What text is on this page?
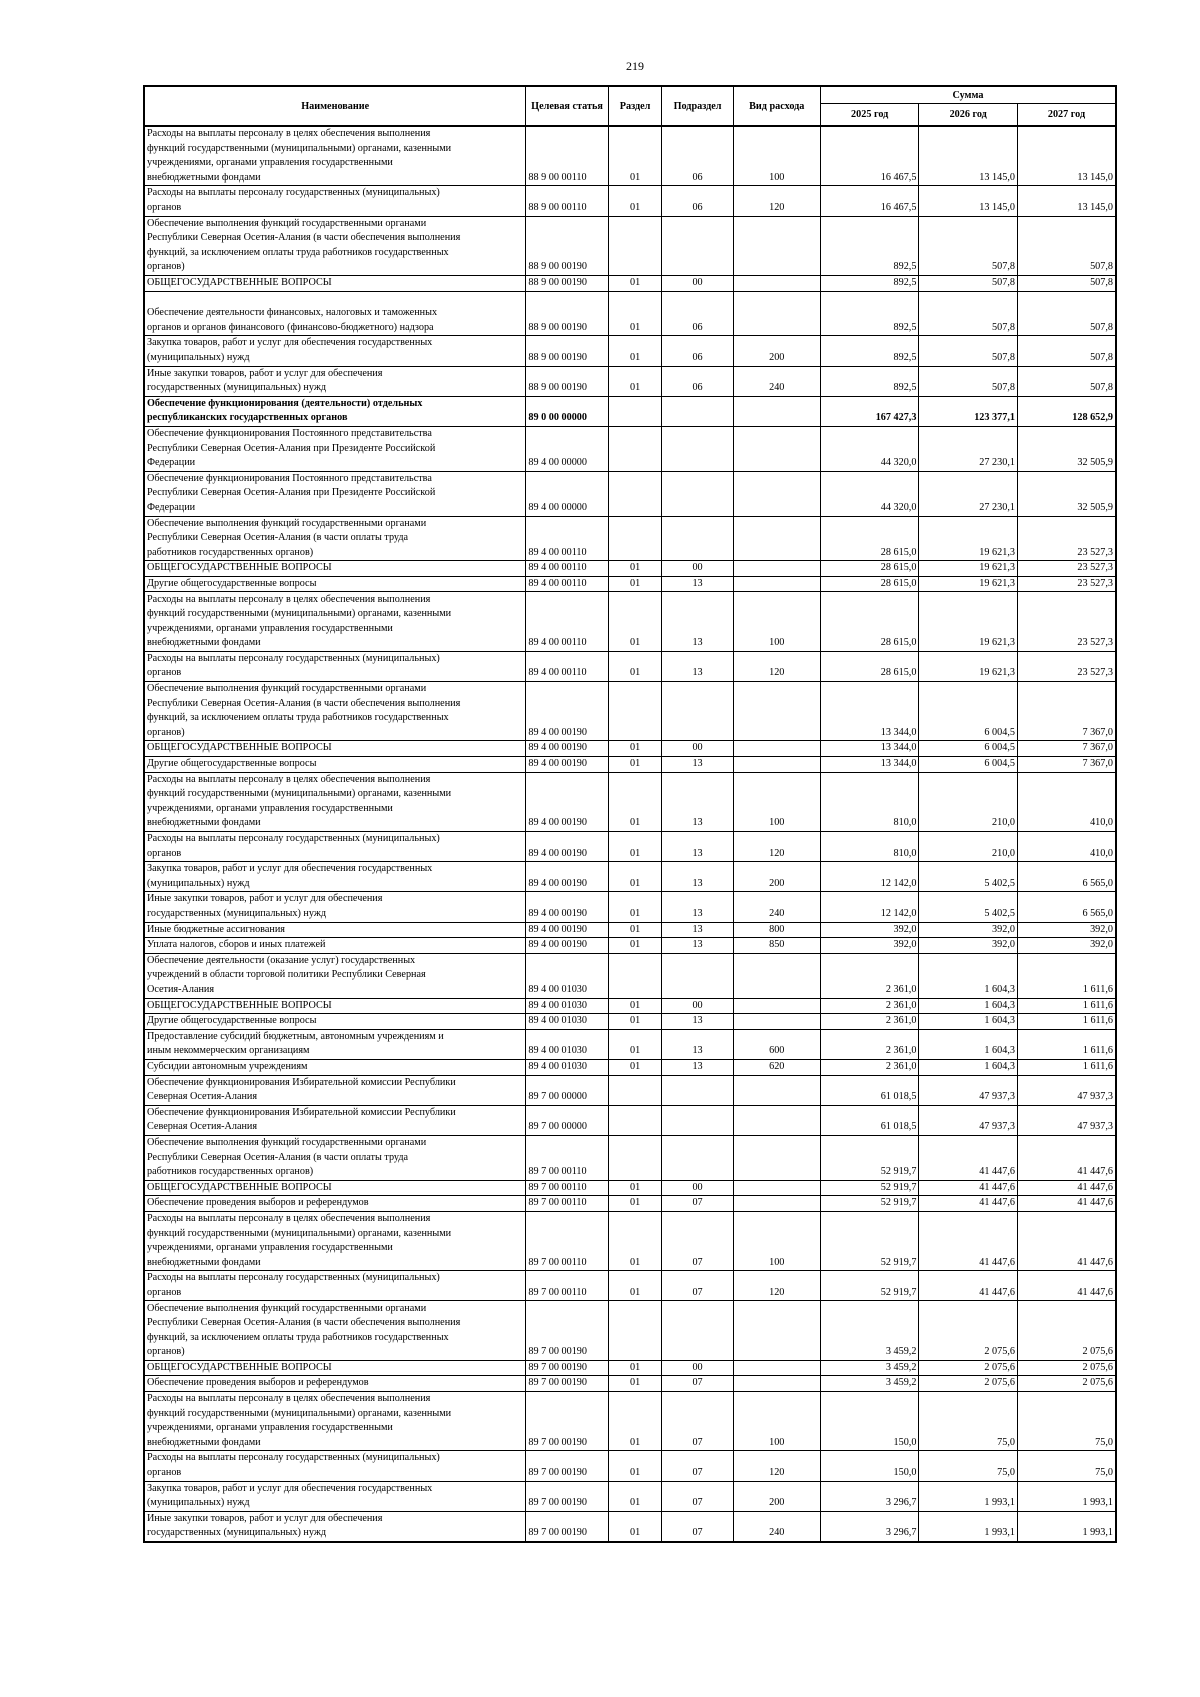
219
Наименование	Целевая статья	Раздел	Подраздел	Вид расхода	Сумма		
					2025 год	2026 год	2027 год
Расходы на выплаты персоналу в целях обеспечения выполнения
функций государственными (муниципальными) органами, казенными
учреждениями, органами управления государственными
внебюджетными фондами	88 9 00 00110	01	06	100	16 467,5	13 145,0	13 145,0
Расходы на выплаты персоналу государственных (муниципальных)
органов	88 9 00 00110	01	06	120	16 467,5	13 145,0	13 145,0
Обеспечение выполнения функций государственными органами
Республики Северная Осетия-Алания (в части обеспечения выполнения
функций, за исключением оплаты труда работников государственных
органов)	88 9 00 00190				892,5	507,8	507,8
ОБЩЕГОСУДАРСТВЕННЫЕ ВОПРОСЫ	88 9 00 00190	01	00		892,5	507,8	507,8

Обеспечение деятельности финансовых, налоговых и таможенных
органов и органов финансового (финансово-бюджетного) надзора	88 9 00 00190	01	06		892,5	507,8	507,8
Закупка товаров, работ и услуг для обеспечения государственных
(муниципальных) нужд	88 9 00 00190	01	06	200	892,5	507,8	507,8
Иные закупки товаров, работ и услуг для обеспечения
государственных (муниципальных) нужд	88 9 00 00190	01	06	240	892,5	507,8	507,8
Обеспечение функционирования (деятельности) отдельных
республиканских государственных органов	89 0 00 00000				167 427,3	123 377,1	128 652,9
Обеспечение функционирования Постоянного представительства
Республики Северная Осетия-Алания при Президенте Российской
Федерации	89 4 00 00000				44 320,0	27 230,1	32 505,9
Обеспечение функционирования Постоянного представительства
Республики Северная Осетия-Алания при Президенте Российской
Федерации	89 4 00 00000				44 320,0	27 230,1	32 505,9
Обеспечение выполнения функций государственными органами
Республики Северная Осетия-Алания (в части оплаты труда
работников государственных органов)	89 4 00 00110				28 615,0	19 621,3	23 527,3
ОБЩЕГОСУДАРСТВЕННЫЕ ВОПРОСЫ	89 4 00 00110	01	00		28 615,0	19 621,3	23 527,3
Другие общегосударственные вопросы	89 4 00 00110	01	13		28 615,0	19 621,3	23 527,3
Расходы на выплаты персоналу в целях обеспечения выполнения
функций государственными (муниципальными) органами, казенными
учреждениями, органами управления государственными
внебюджетными фондами	89 4 00 00110	01	13	100	28 615,0	19 621,3	23 527,3
Расходы на выплаты персоналу государственных (муниципальных)
органов	89 4 00 00110	01	13	120	28 615,0	19 621,3	23 527,3
Обеспечение выполнения функций государственными органами
Республики Северная Осетия-Алания (в части обеспечения выполнения
функций, за исключением оплаты труда работников государственных
органов)	89 4 00 00190				13 344,0	6 004,5	7 367,0
ОБЩЕГОСУДАРСТВЕННЫЕ ВОПРОСЫ	89 4 00 00190	01	00		13 344,0	6 004,5	7 367,0
Другие общегосударственные вопросы	89 4 00 00190	01	13		13 344,0	6 004,5	7 367,0
Расходы на выплаты персоналу в целях обеспечения выполнения
функций государственными (муниципальными) органами, казенными
учреждениями, органами управления государственными
внебюджетными фондами	89 4 00 00190	01	13	100	810,0	210,0	410,0
Расходы на выплаты персоналу государственных (муниципальных)
органов	89 4 00 00190	01	13	120	810,0	210,0	410,0
Закупка товаров, работ и услуг для обеспечения государственных
(муниципальных) нужд	89 4 00 00190	01	13	200	12 142,0	5 402,5	6 565,0
Иные закупки товаров, работ и услуг для обеспечения
государственных (муниципальных) нужд	89 4 00 00190	01	13	240	12 142,0	5 402,5	6 565,0
Иные бюджетные ассигнования	89 4 00 00190	01	13	800	392,0	392,0	392,0
Уплата налогов, сборов и иных платежей	89 4 00 00190	01	13	850	392,0	392,0	392,0
Обеспечение деятельности (оказание услуг) государственных
учреждений в области торговой политики Республики Северная
Осетия-Алания	89 4 00 01030				2 361,0	1 604,3	1 611,6
ОБЩЕГОСУДАРСТВЕННЫЕ ВОПРОСЫ	89 4 00 01030	01	00		2 361,0	1 604,3	1 611,6
Другие общегосударственные вопросы	89 4 00 01030	01	13		2 361,0	1 604,3	1 611,6
Предоставление субсидий бюджетным, автономным учреждениям и
иным некоммерческим организациям	89 4 00 01030	01	13	600	2 361,0	1 604,3	1 611,6
Субсидии автономным учреждениям	89 4 00 01030	01	13	620	2 361,0	1 604,3	1 611,6
Обеспечение функционирования Избирательной комиссии Республики
Северная Осетия-Алания	89 7 00 00000				61 018,5	47 937,3	47 937,3
Обеспечение функционирования Избирательной комиссии Республики
Северная Осетия-Алания	89 7 00 00000				61 018,5	47 937,3	47 937,3
Обеспечение выполнения функций государственными органами
Республики Северная Осетия-Алания (в части оплаты труда
работников государственных органов)	89 7 00 00110				52 919,7	41 447,6	41 447,6
ОБЩЕГОСУДАРСТВЕННЫЕ ВОПРОСЫ	89 7 00 00110	01	00		52 919,7	41 447,6	41 447,6
Обеспечение проведения выборов и референдумов	89 7 00 00110	01	07		52 919,7	41 447,6	41 447,6
Расходы на выплаты персоналу в целях обеспечения выполнения
функций государственными (муниципальными) органами, казенными
учреждениями, органами управления государственными
внебюджетными фондами	89 7 00 00110	01	07	100	52 919,7	41 447,6	41 447,6
Расходы на выплаты персоналу государственных (муниципальных)
органов	89 7 00 00110	01	07	120	52 919,7	41 447,6	41 447,6
Обеспечение выполнения функций государственными органами
Республики Северная Осетия-Алания (в части обеспечения выполнения
функций, за исключением оплаты труда работников государственных
органов)	89 7 00 00190				3 459,2	2 075,6	2 075,6
ОБЩЕГОСУДАРСТВЕННЫЕ ВОПРОСЫ	89 7 00 00190	01	00		3 459,2	2 075,6	2 075,6
Обеспечение проведения выборов и референдумов	89 7 00 00190	01	07		3 459,2	2 075,6	2 075,6
Расходы на выплаты персоналу в целях обеспечения выполнения
функций государственными (муниципальными) органами, казенными
учреждениями, органами управления государственными
внебюджетными фондами	89 7 00 00190	01	07	100	150,0	75,0	75,0
Расходы на выплаты персоналу государственных (муниципальных)
органов	89 7 00 00190	01	07	120	150,0	75,0	75,0
Закупка товаров, работ и услуг для обеспечения государственных
(муниципальных) нужд	89 7 00 00190	01	07	200	3 296,7	1 993,1	1 993,1
Иные закупки товаров, работ и услуг для обеспечения
государственных (муниципальных) нужд	89 7 00 00190	01	07	240	3 296,7	1 993,1	1 993,1
